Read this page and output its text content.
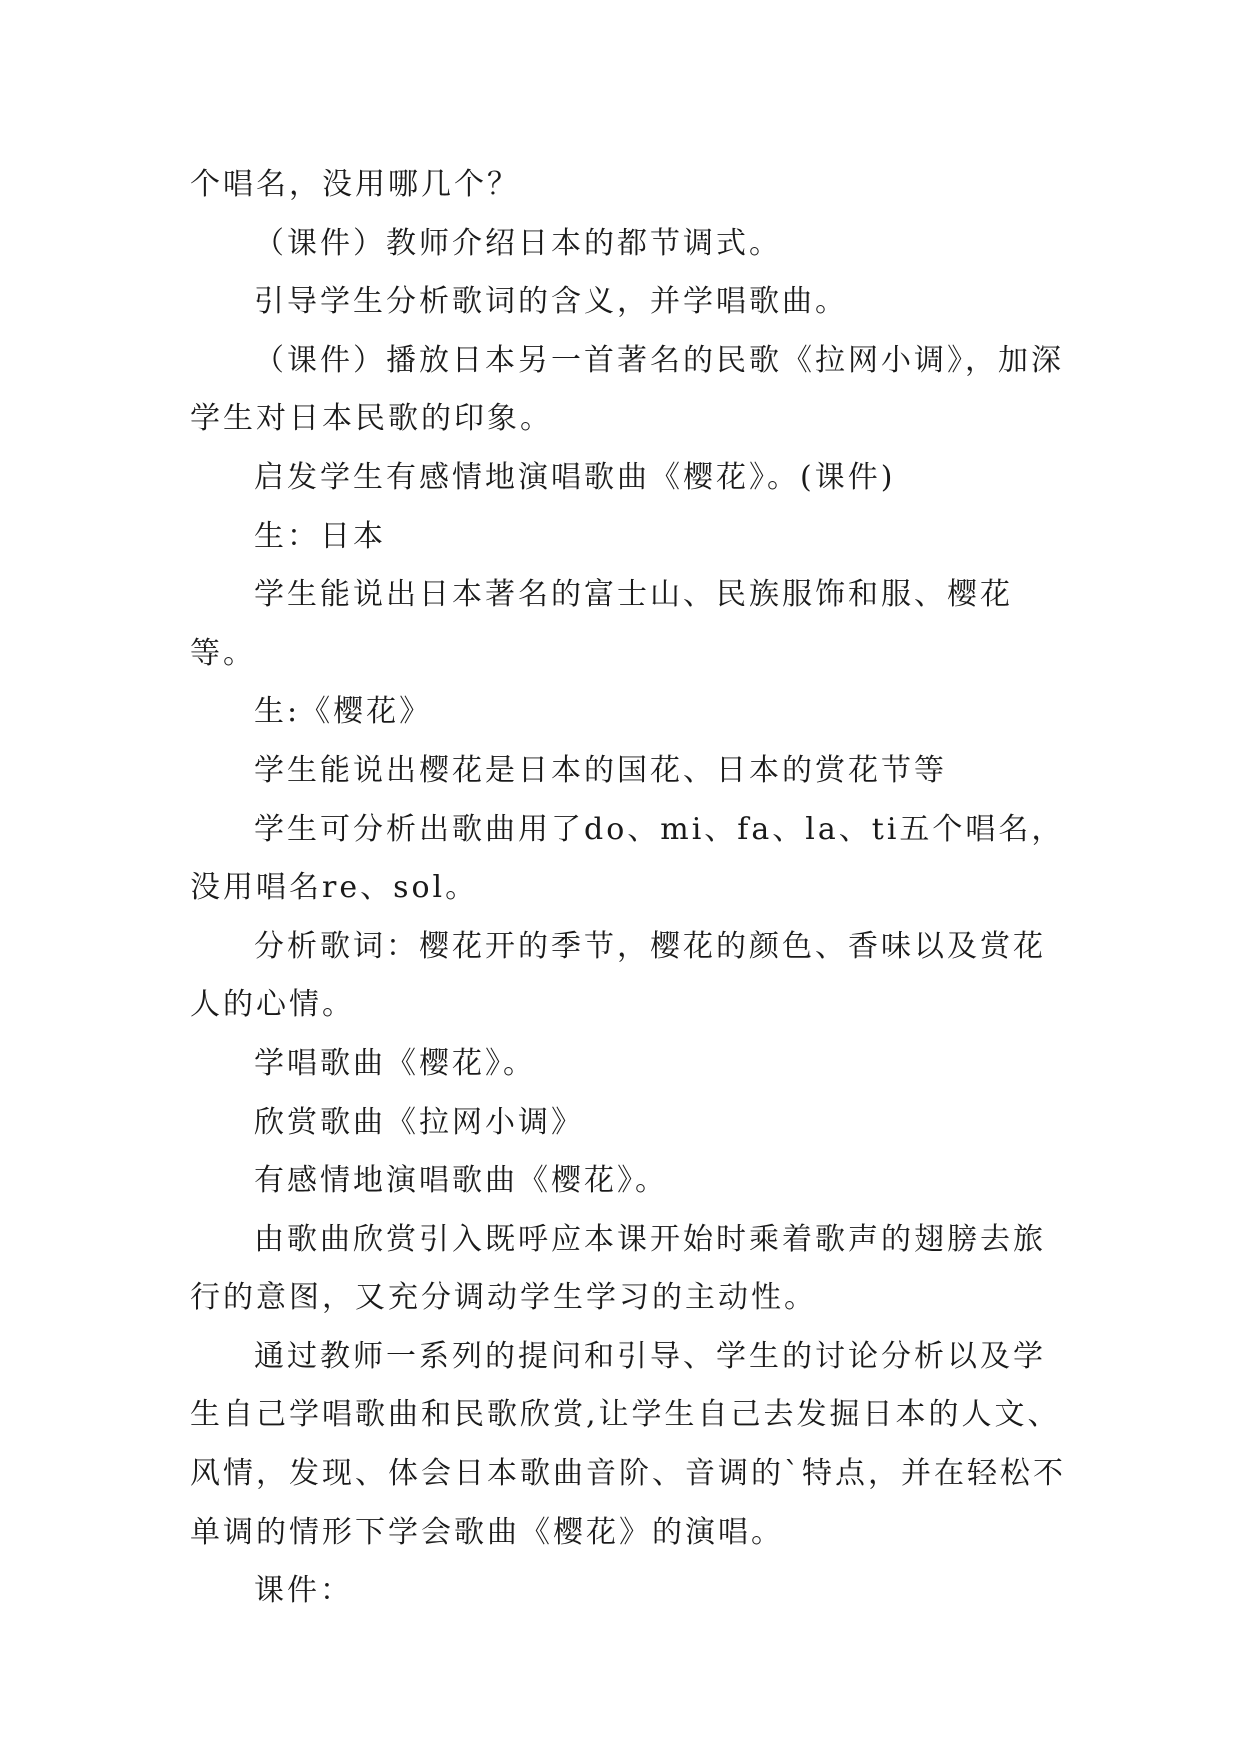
个唱名，没用哪几个？

（课件）教师介绍日本的都节调式。

引导学生分析歌词的含义，并学唱歌曲。

（课件）播放日本另一首著名的民歌《拉网小调》，加深学生对日本民歌的印象。

启发学生有感情地演唱歌曲《樱花》。(课件)

生：日本

学生能说出日本著名的富士山、民族服饰和服、樱花等。

生:《樱花》

学生能说出樱花是日本的国花、日本的赏花节等

学生可分析出歌曲用了do、mi、fa、la、ti五个唱名，没用唱名re、sol。

分析歌词：樱花开的季节，樱花的颜色、香味以及赏花人的心情。

学唱歌曲《樱花》。

欣赏歌曲《拉网小调》

有感情地演唱歌曲《樱花》。

由歌曲欣赏引入既呼应本课开始时乘着歌声的翅膀去旅行的意图，又充分调动学生学习的主动性。

通过教师一系列的提问和引导、学生的讨论分析以及学生自己学唱歌曲和民歌欣赏,让学生自己去发掘日本的人文、风情，发现、体会日本歌曲音阶、音调的`特点，并在轻松不单调的情形下学会歌曲《樱花》的演唱。

课件：
